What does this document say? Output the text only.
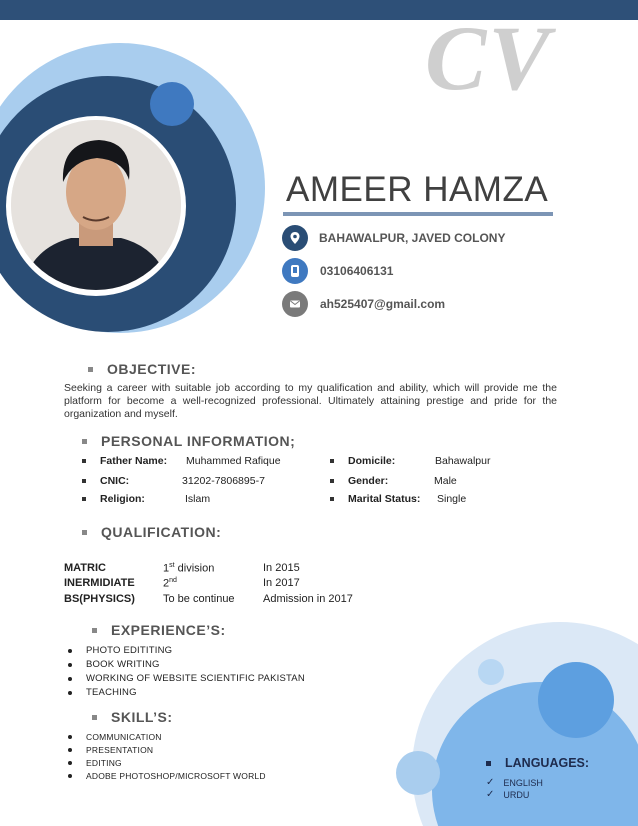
CV
AMEER HAMZA
BAHAWALPUR, JAVED COLONY
03106406131
ah525407@gmail.com
OBJECTIVE:
Seeking a career with suitable job according to my qualification and ability, which will provide me the platform for become a well-recognized professional. Ultimately attaining prestige and pride for the organization and myself.
PERSONAL INFORMATION;
Father Name: Muhammed Rafique
CNIC:	31202-7806895-7
Religion:	Islam
Domicile:	Bahawalpur
Gender:	Male
Marital Status: Single
QUALIFICATION:
MATRIC	1st division	In 2015
INERMIDIATE	2nd	In 2017
BS(PHYSICS)	To be continue	Admission in 2017
EXPERIENCE’S:
PHOTO EDITITING
BOOK WRITING
WORKING OF WEBSITE SCIENTIFIC PAKISTAN
TEACHING
SKILL’S:
COMMUNICATION
PRESENTATION
EDITING
ADOBE PHOTOSHOP/MICROSOFT WORLD
LANGUAGES:
✓ ENGLISH
✓ URDU
